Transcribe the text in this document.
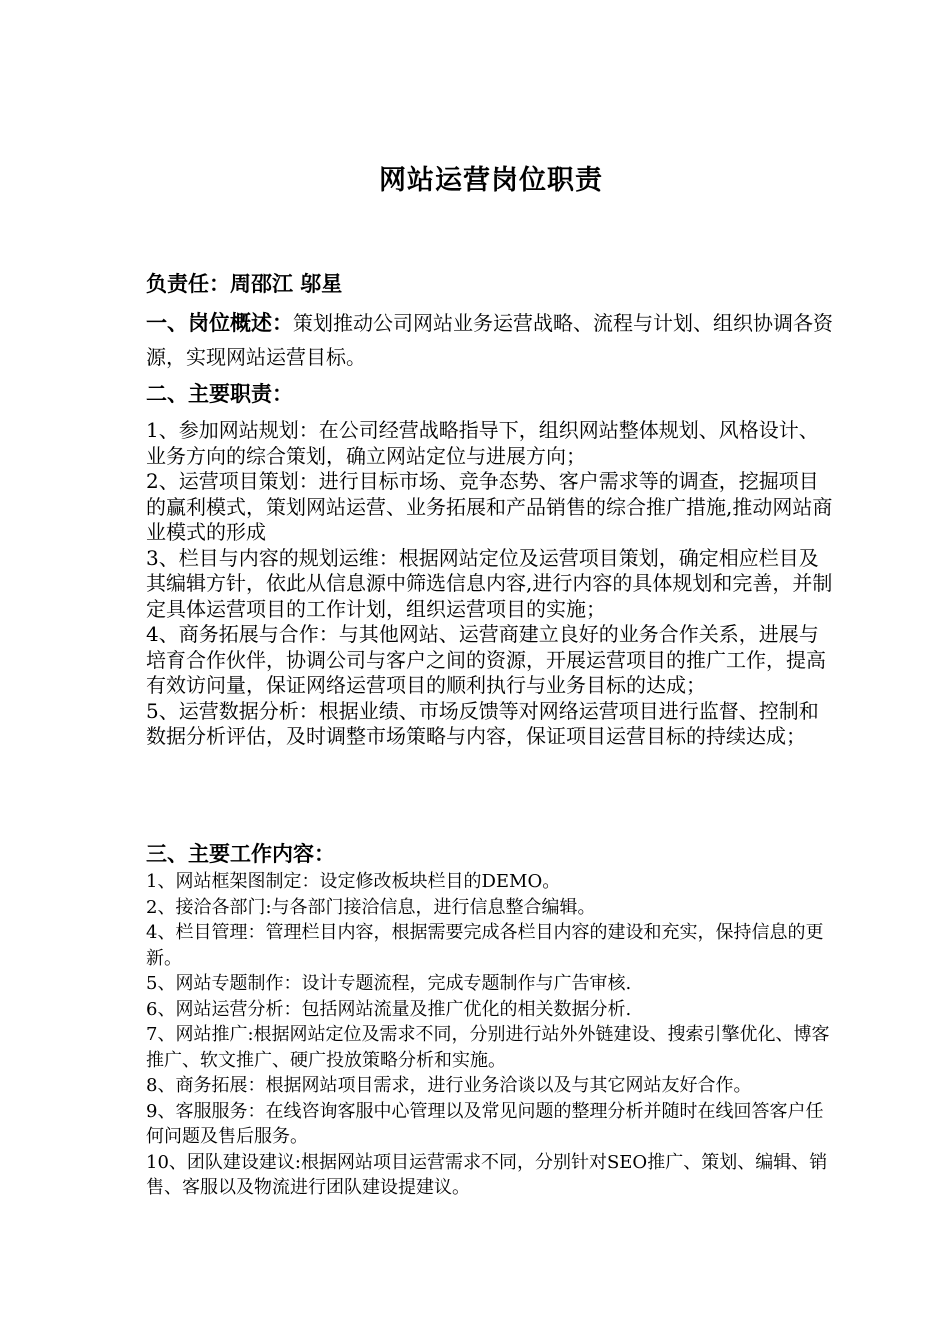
网站运营岗位职责
负责任：周邵江 邬星
一、岗位概述：策划推动公司网站业务运营战略、流程与计划、组织协调各资源，实现网站运营目标。
二、主要职责：
1、参加网站规划：在公司经营战略指导下，组织网站整体规划、风格设计、业务方向的综合策划，确立网站定位与进展方向；
2、运营项目策划：进行目标市场、竞争态势、客户需求等的调查，挖掘项目的赢利模式，策划网站运营、业务拓展和产品销售的综合推广措施,推动网站商业模式的形成
3、栏目与内容的规划运维：根据网站定位及运营项目策划，确定相应栏目及其编辑方针，依此从信息源中筛选信息内容,进行内容的具体规划和完善，并制定具体运营项目的工作计划，组织运营项目的实施；
4、商务拓展与合作：与其他网站、运营商建立良好的业务合作关系，进展与培育合作伙伴，协调公司与客户之间的资源，开展运营项目的推广工作，提高有效访问量，保证网络运营项目的顺利执行与业务目标的达成；
5、运营数据分析：根据业绩、市场反馈等对网络运营项目进行监督、控制和数据分析评估，及时调整市场策略与内容，保证项目运营目标的持续达成；
三、主要工作内容：
1、网站框架图制定：设定修改板块栏目的DEMO。
2、接洽各部门:与各部门接洽信息，进行信息整合编辑。
4、栏目管理：管理栏目内容，根据需要完成各栏目内容的建设和充实，保持信息的更新。
5、网站专题制作：设计专题流程，完成专题制作与广告审核.
6、网站运营分析：包括网站流量及推广优化的相关数据分析.
7、网站推广:根据网站定位及需求不同，分别进行站外外链建设、搜索引擎优化、博客推广、软文推广、硬广投放策略分析和实施。
8、商务拓展：根据网站项目需求，进行业务洽谈以及与其它网站友好合作。
9、客服服务：在线咨询客服中心管理以及常见问题的整理分析并随时在线回答客户任何问题及售后服务。
10、团队建设建议:根据网站项目运营需求不同，分别针对SEO推广、策划、编辑、销售、客服以及物流进行团队建设提建议。
